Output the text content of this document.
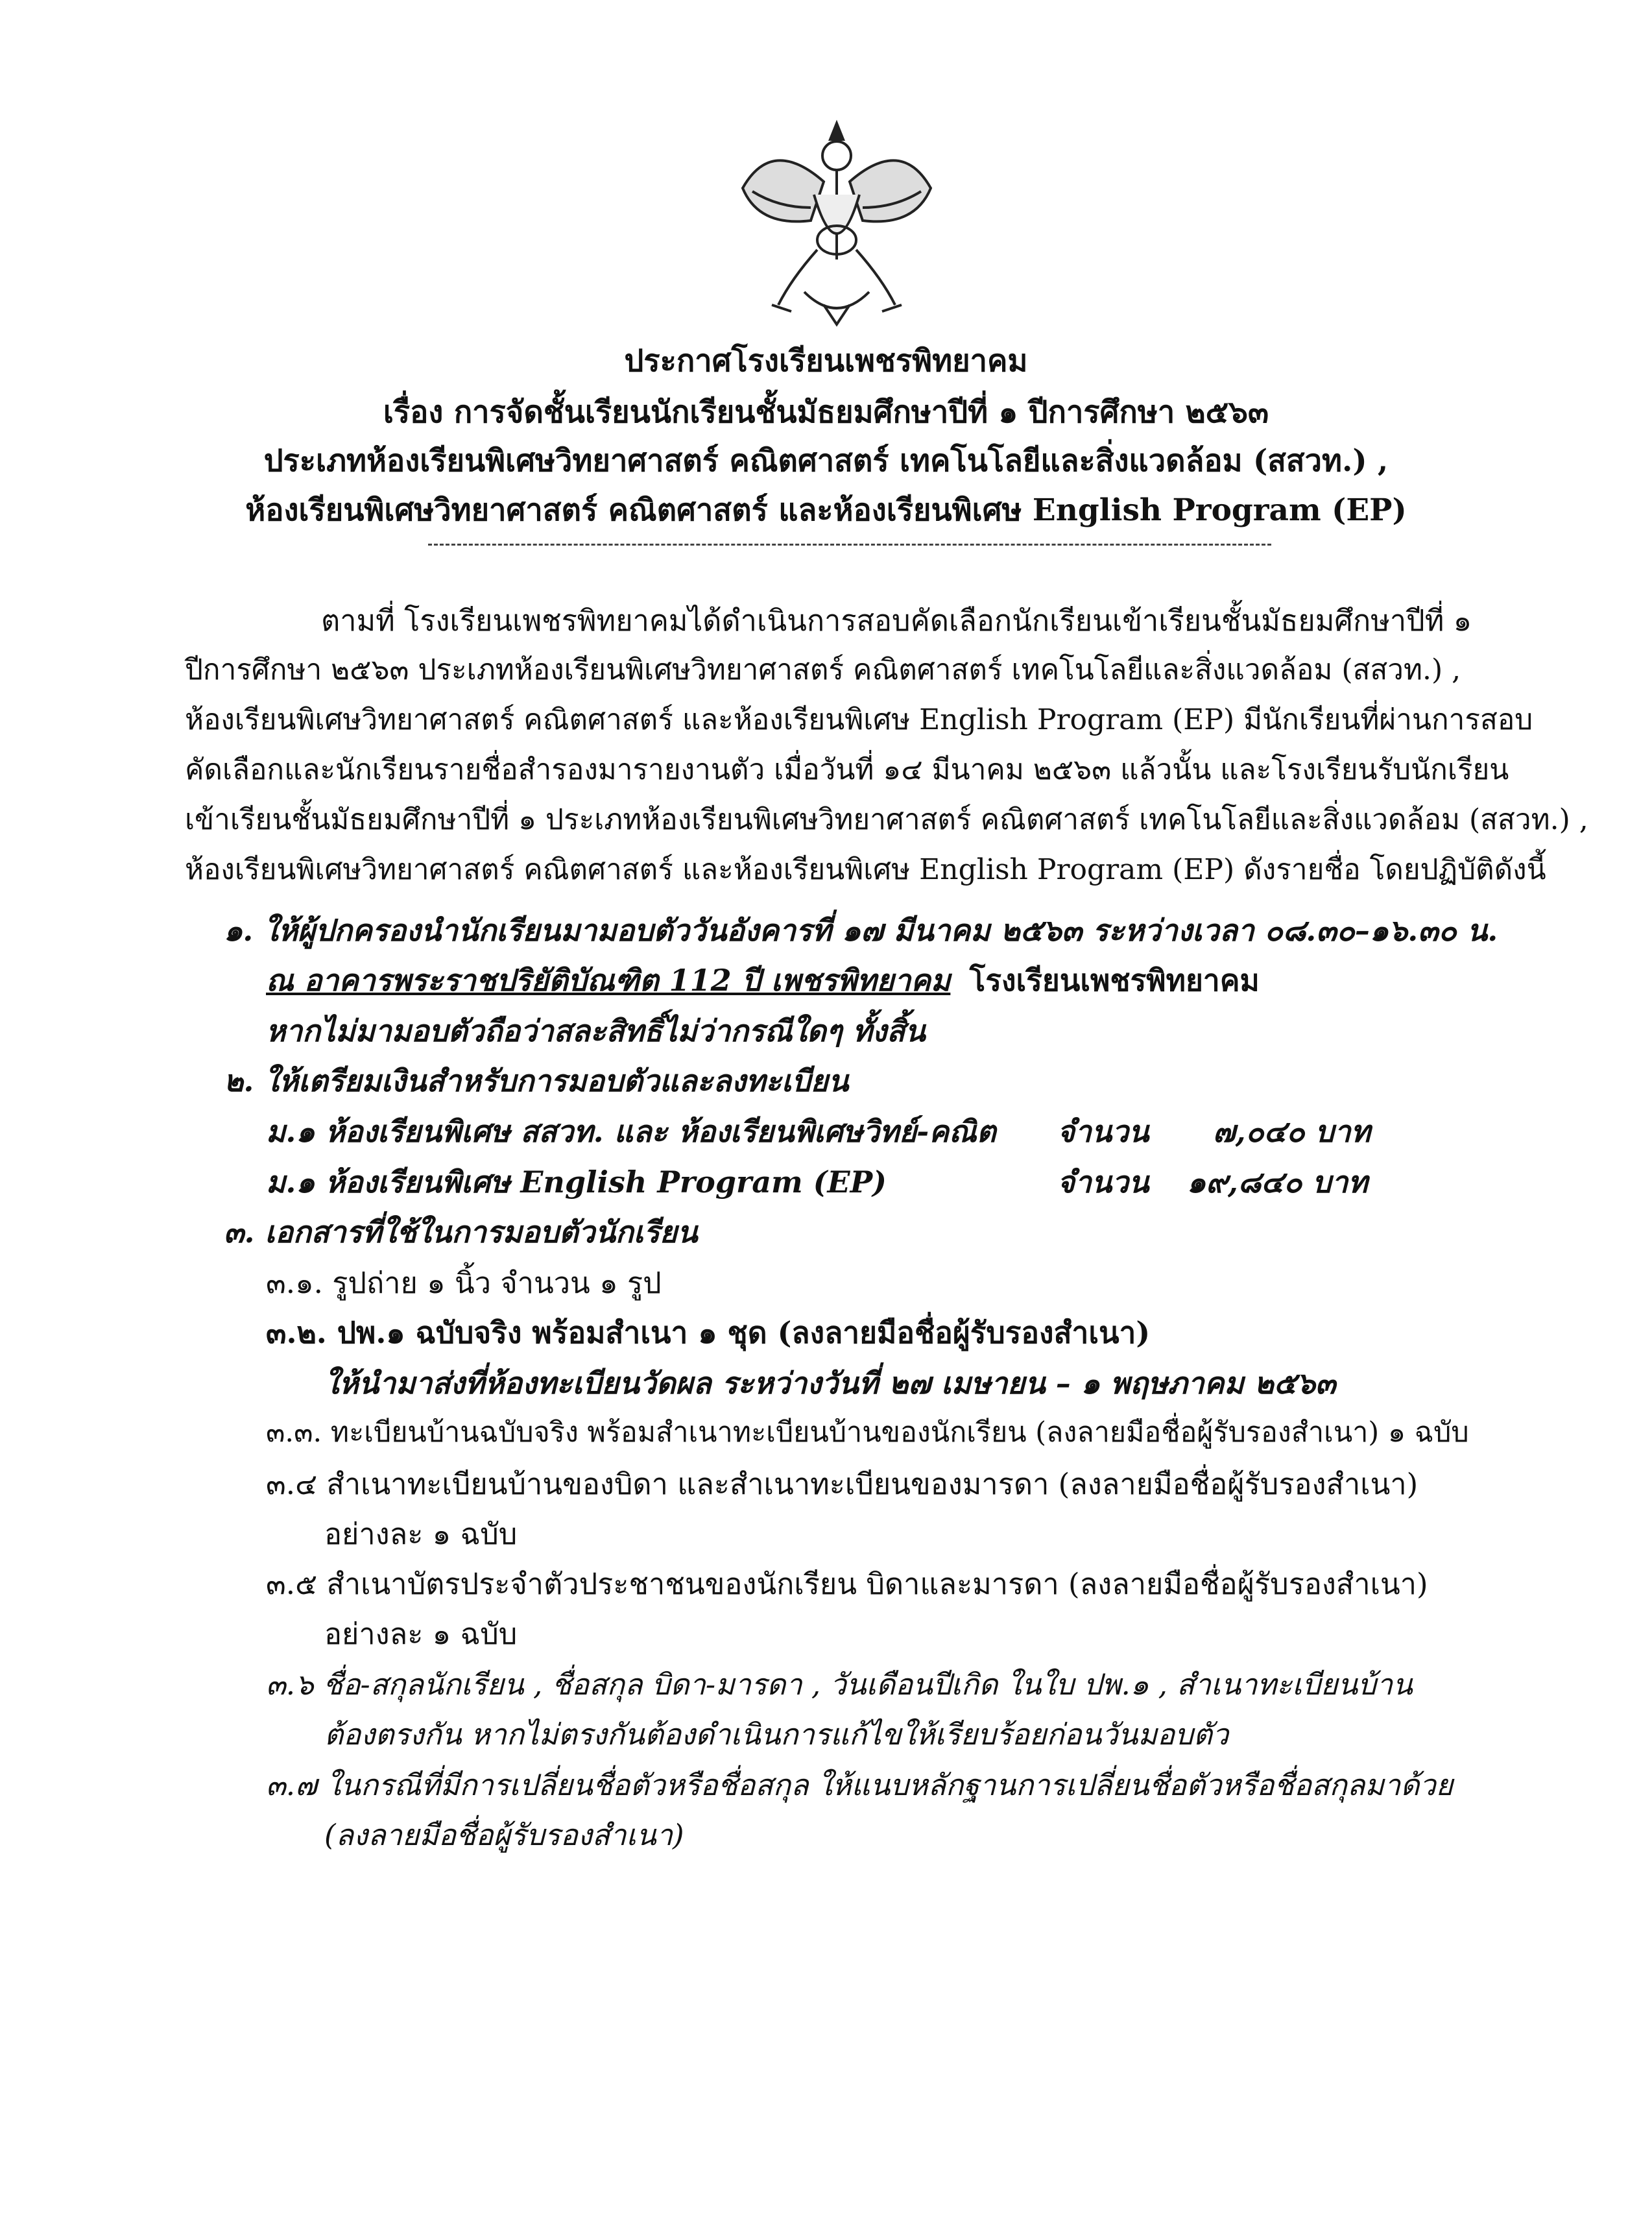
ประกาศโรงเรียนเพชรพิทยาคม
เรื่อง การจัดชั้นเรียนนักเรียนชั้นมัธยมศึกษาปีที่ ๑ ปีการศึกษา ๒๕๖๓
ประเภทห้องเรียนพิเศษวิทยาศาสตร์ คณิตศาสตร์ เทคโนโลยีและสิ่งแวดล้อม (สสวท.) ,
ห้องเรียนพิเศษวิทยาศาสตร์ คณิตศาสตร์ และห้องเรียนพิเศษ English Program (EP)
ตามที่ โรงเรียนเพชรพิทยาคมได้ดำเนินการสอบคัดเลือกนักเรียนเข้าเรียนชั้นมัธยมศึกษาปีที่ ๑
ปีการศึกษา ๒๕๖๓ ประเภทห้องเรียนพิเศษวิทยาศาสตร์ คณิตศาสตร์ เทคโนโลยีและสิ่งแวดล้อม (สสวท.) ,
ห้องเรียนพิเศษวิทยาศาสตร์ คณิตศาสตร์ และห้องเรียนพิเศษ English Program (EP) มีนักเรียนที่ผ่านการสอบ
คัดเลือกและนักเรียนรายชื่อสำรองมารายงานตัว เมื่อวันที่ ๑๔ มีนาคม ๒๕๖๓ แล้วนั้น และโรงเรียนรับนักเรียน
เข้าเรียนชั้นมัธยมศึกษาปีที่ ๑ ประเภทห้องเรียนพิเศษวิทยาศาสตร์ คณิตศาสตร์ เทคโนโลยีและสิ่งแวดล้อม (สสวท.) ,
ห้องเรียนพิเศษวิทยาศาสตร์ คณิตศาสตร์ และห้องเรียนพิเศษ English Program (EP) ดังรายชื่อ โดยปฏิบัติดังนี้
๑. ให้ผู้ปกครองนำนักเรียนมามอบตัววันอังคารที่ ๑๗ มีนาคม ๒๕๖๓ ระหว่างเวลา ๐๘.๓๐–๑๖.๓๐ น.
ณ อาคารพระราชปริยัติบัณฑิต 112 ปี เพชรพิทยาคม โรงเรียนเพชรพิทยาคม
หากไม่มามอบตัวถือว่าสละสิทธิ์ไม่ว่ากรณีใดๆ ทั้งสิ้น
๒. ให้เตรียมเงินสำหรับการมอบตัวและลงทะเบียน
ม.๑ ห้องเรียนพิเศษ สสวท. และ ห้องเรียนพิเศษวิทย์-คณิต จำนวน ๗,๐๔๐ บาท
ม.๑ ห้องเรียนพิเศษ English Program (EP)	จำนวน ๑๙,๘๔๐ บาท
๓. เอกสารที่ใช้ในการมอบตัวนักเรียน
๓.๑. รูปถ่าย ๑ นิ้ว จำนวน ๑ รูป
๓.๒. ปพ.๑ ฉบับจริง พร้อมสำเนา ๑ ชุด (ลงลายมือชื่อผู้รับรองสำเนา)
ให้นำมาส่งที่ห้องทะเบียนวัดผล ระหว่างวันที่ ๒๗ เมษายน – ๑ พฤษภาคม ๒๕๖๓
๓.๓. ทะเบียนบ้านฉบับจริง พร้อมสำเนาทะเบียนบ้านของนักเรียน (ลงลายมือชื่อผู้รับรองสำเนา) ๑ ฉบับ
๓.๔ สำเนาทะเบียนบ้านของบิดา และสำเนาทะเบียนของมารดา (ลงลายมือชื่อผู้รับรองสำเนา)
อย่างละ ๑ ฉบับ
๓.๕ สำเนาบัตรประจำตัวประชาชนของนักเรียน บิดาและมารดา (ลงลายมือชื่อผู้รับรองสำเนา)
อย่างละ ๑ ฉบับ
๓.๖ ชื่อ-สกุลนักเรียน , ชื่อสกุล บิดา-มารดา , วันเดือนปีเกิด ในใบ ปพ.๑ , สำเนาทะเบียนบ้าน
ต้องตรงกัน หากไม่ตรงกันต้องดำเนินการแก้ไขให้เรียบร้อยก่อนวันมอบตัว
๓.๗ ในกรณีที่มีการเปลี่ยนชื่อตัวหรือชื่อสกุล ให้แนบหลักฐานการเปลี่ยนชื่อตัวหรือชื่อสกุลมาด้วย
(ลงลายมือชื่อผู้รับรองสำเนา)
